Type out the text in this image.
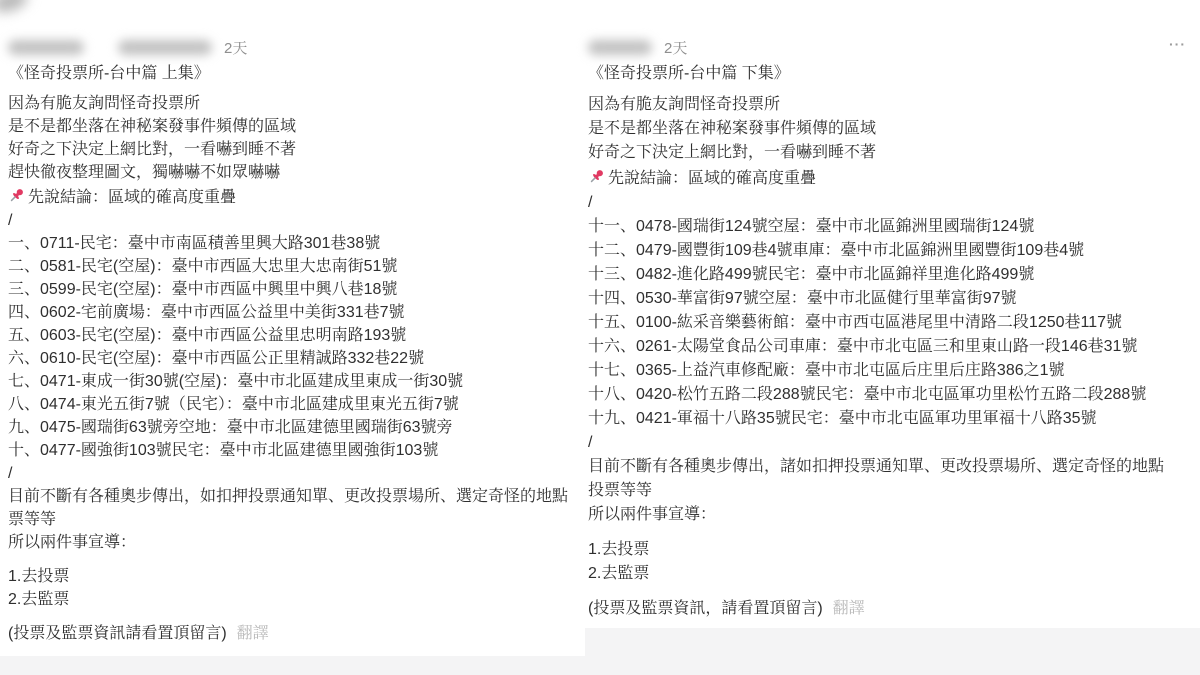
2天
《怪奇投票所-台中篇 上集》
因為有脆友詢問怪奇投票所
是不是都坐落在神秘案發事件頻傳的區域
好奇之下決定上網比對，一看嚇到睡不著
趕快徹夜整理圖文，獨嚇嚇不如眾嚇嚇
先說結論：區域的確高度重疊
/
一、0711-民宅：臺中市南區積善里興大路301巷38號
二、0581-民宅(空屋)：臺中市西區大忠里大忠南街51號
三、0599-民宅(空屋)：臺中市西區中興里中興八巷18號
四、0602-宅前廣場：臺中市西區公益里中美街331巷7號
五、0603-民宅(空屋)：臺中市西區公益里忠明南路193號
六、0610-民宅(空屋)：臺中市西區公正里精誠路332巷22號
七、0471-東成一街30號(空屋)：臺中市北區建成里東成一街30號
八、0474-東光五街7號（民宅）：臺中市北區建成里東光五街7號
九、0475-國瑞街63號旁空地：臺中市北區建德里國瑞街63號旁
十、0477-國強街103號民宅：臺中市北區建德里國強街103號
/
目前不斷有各種奧步傳出，如扣押投票通知單、更改投票場所、選定奇怪的地點
票等等
所以兩件事宣導：
1.去投票
2.去監票
(投票及監票資訊請看置頂留言) 翻譯
2天	···
《怪奇投票所-台中篇 下集》
因為有脆友詢問怪奇投票所
是不是都坐落在神秘案發事件頻傳的區域
好奇之下決定上網比對，一看嚇到睡不著
先說結論：區域的確高度重疊
/
十一、0478-國瑞街124號空屋：臺中市北區錦洲里國瑞街124號
十二、0479-國豐街109巷4號車庫：臺中市北區錦洲里國豐街109巷4號
十三、0482-進化路499號民宅：臺中市北區錦祥里進化路499號
十四、0530-華富街97號空屋：臺中市北區健行里華富街97號
十五、0100-紘采音樂藝術館：臺中市西屯區港尾里中清路二段1250巷117號
十六、0261-太陽堂食品公司車庫：臺中市北屯區三和里東山路一段146巷31號
十七、0365-上益汽車修配廠：臺中市北屯區后庄里后庄路386之1號
十八、0420-松竹五路二段288號民宅：臺中市北屯區軍功里松竹五路二段288號
十九、0421-軍福十八路35號民宅：臺中市北屯區軍功里軍福十八路35號
/
目前不斷有各種奧步傳出，諸如扣押投票通知單、更改投票場所、選定奇怪的地點
投票等等
所以兩件事宣導：
1.去投票
2.去監票
(投票及監票資訊，請看置頂留言) 翻譯
